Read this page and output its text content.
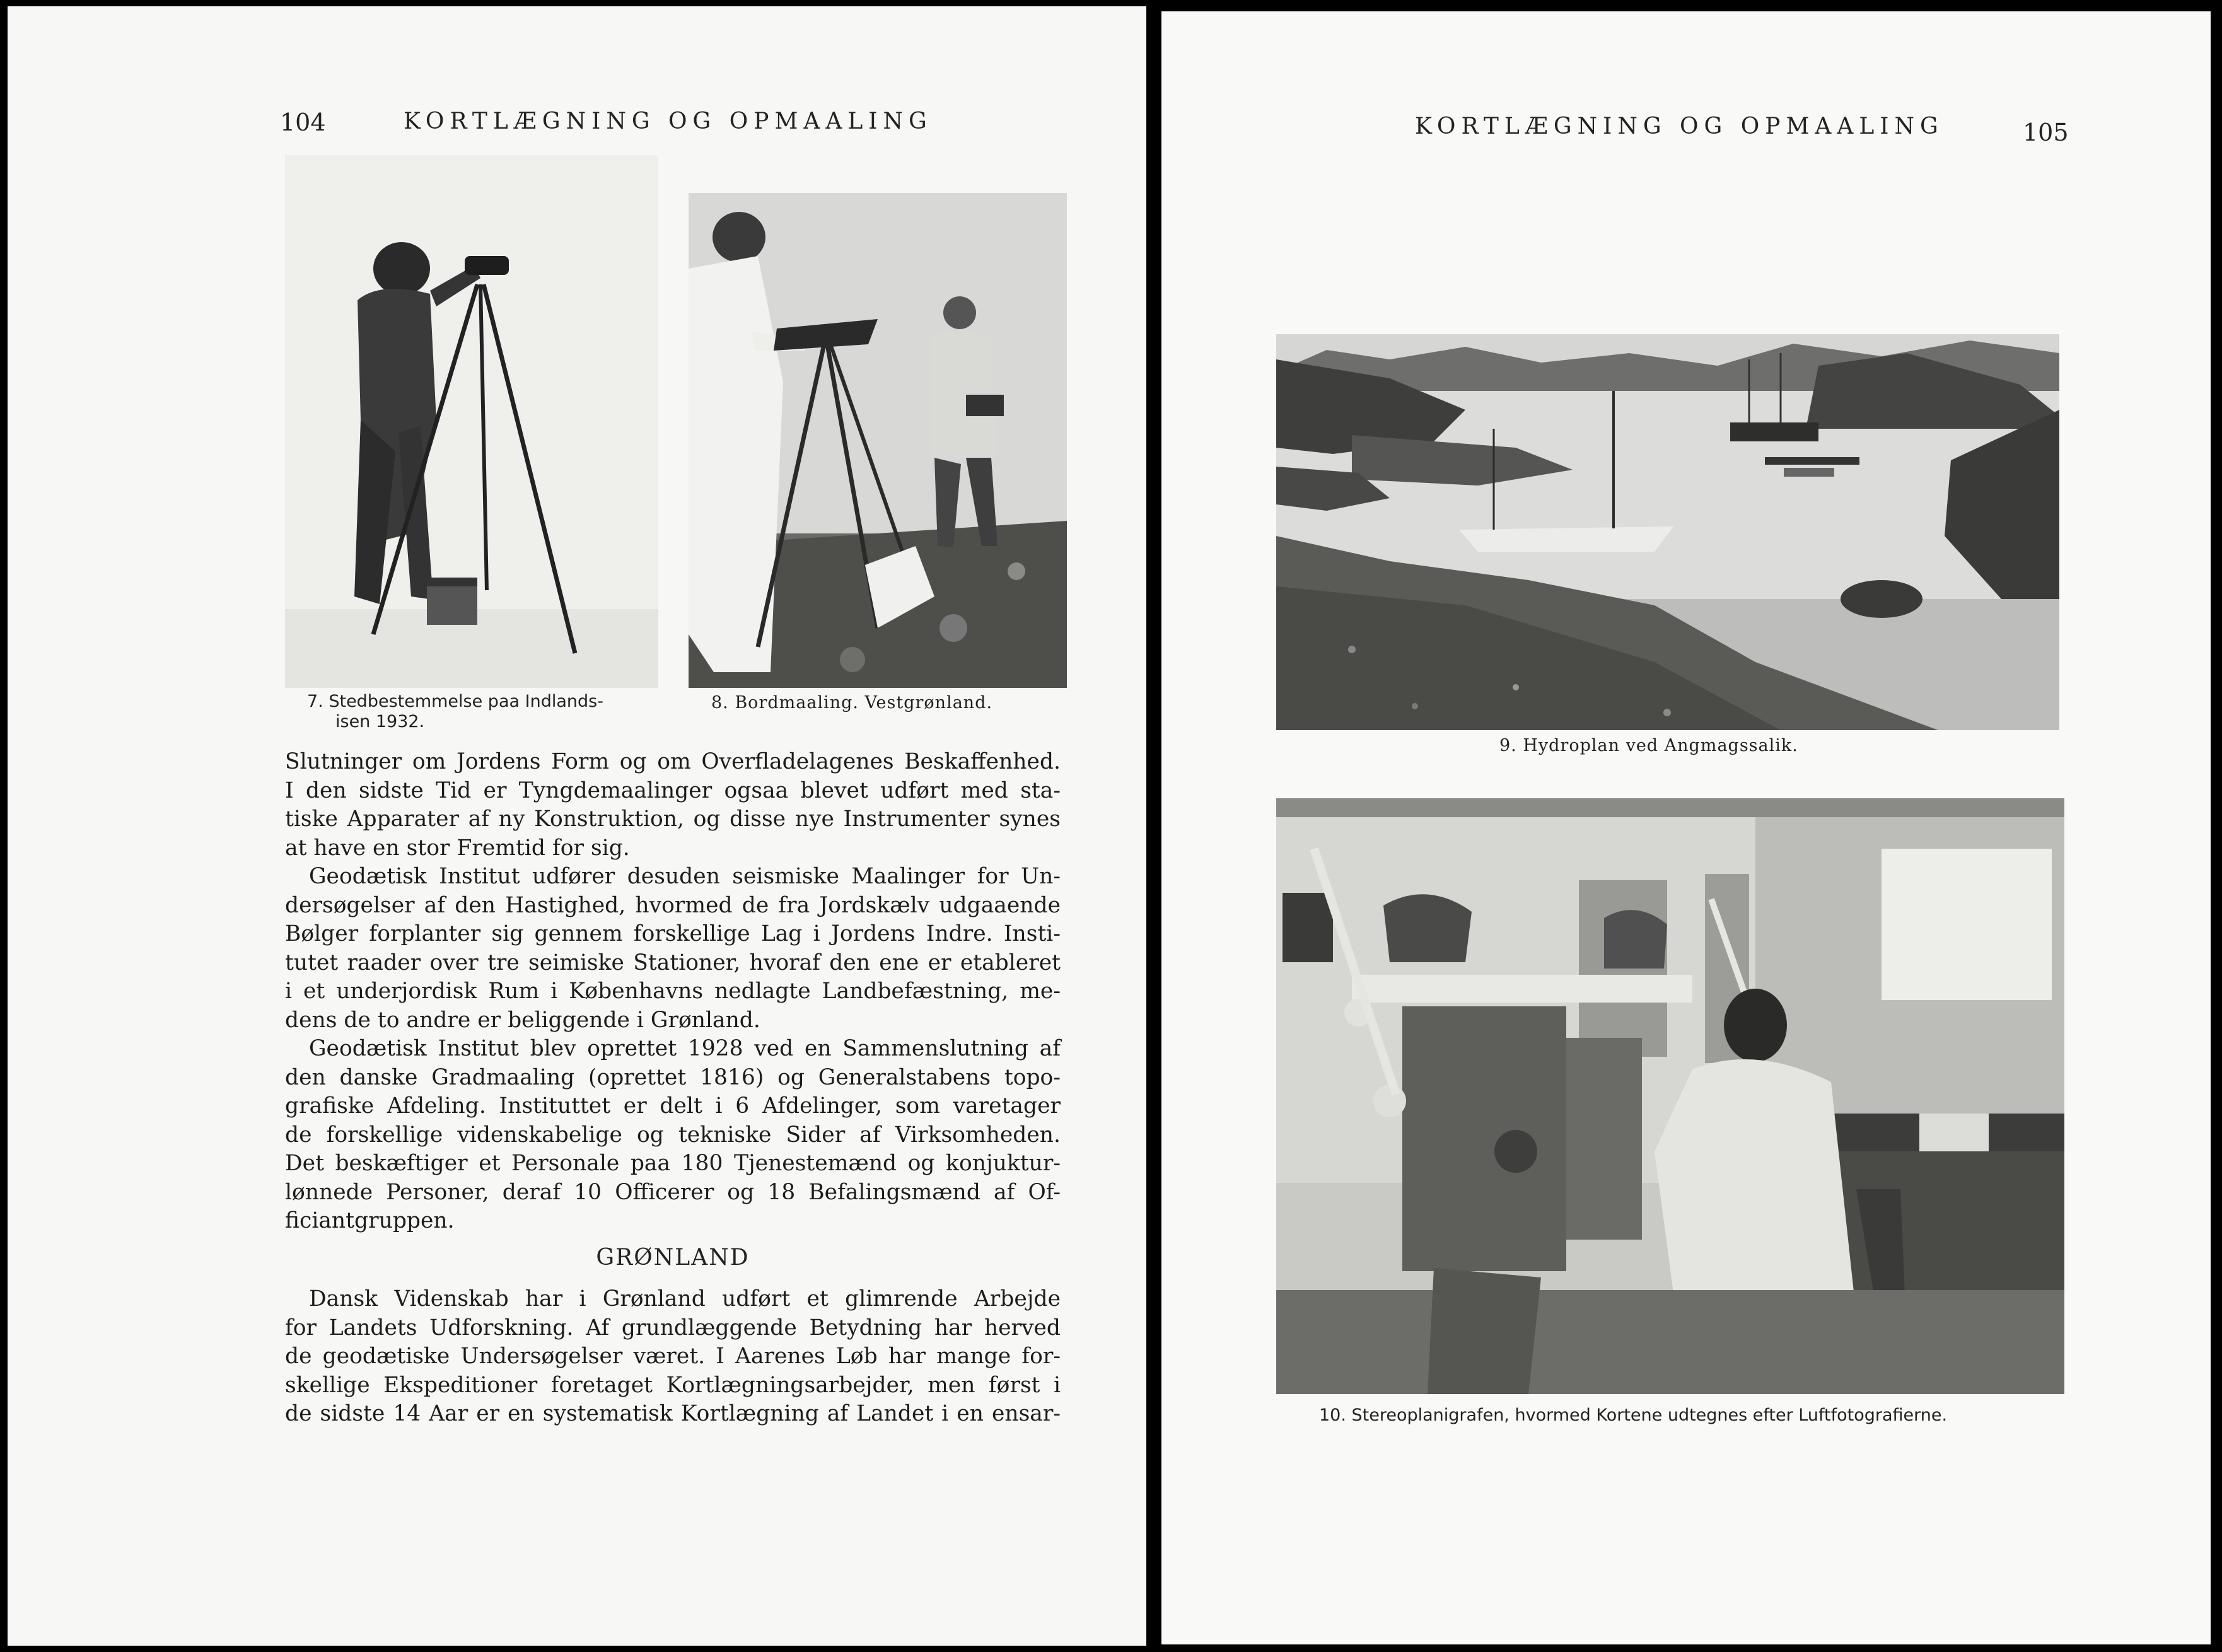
104	KORTLÆGNING OG OPMAALING
7. Stedbestemmelse paa Indlands-
isen 1932.
8. Bordmaaling. Vestgrønland.
Slutninger om Jordens Form og om Overfladelagenes Beskaffenhed.
I den sidste Tid er Tyngdemaalinger ogsaa blevet udført med sta-
tiske Apparater af ny Konstruktion, og disse nye Instrumenter synes
at have en stor Fremtid for sig.
Geodætisk Institut udfører desuden seismiske Maalinger for Un-
dersøgelser af den Hastighed, hvormed de fra Jordskælv udgaaende
Bølger forplanter sig gennem forskellige Lag i Jordens Indre. Insti-
tutet raader over tre seimiske Stationer, hvoraf den ene er etableret
i et underjordisk Rum i Københavns nedlagte Landbefæstning, me-
dens de to andre er beliggende i Grønland.
Geodætisk Institut blev oprettet 1928 ved en Sammenslutning af
den danske Gradmaaling (oprettet 1816) og Generalstabens topo-
grafiske Afdeling. Instituttet er delt i 6 Afdelinger, som varetager
de forskellige videnskabelige og tekniske Sider af Virksomheden.
Det beskæftiger et Personale paa 180 Tjenestemænd og konjuktur-
lønnede Personer, deraf 10 Officerer og 18 Befalingsmænd af Of-
ficiantgruppen.
GRØNLAND
Dansk Videnskab har i Grønland udført et glimrende Arbejde
for Landets Udforskning. Af grundlæggende Betydning har herved
de geodætiske Undersøgelser været. I Aarenes Løb har mange for-
skellige Ekspeditioner foretaget Kortlægningsarbejder, men først i
de sidste 14 Aar er en systematisk Kortlægning af Landet i en ensar-
KORTLÆGNING OG OPMAALING	105
9. Hydroplan ved Angmagssalik.
10. Stereoplanigrafen, hvormed Kortene udtegnes efter Luftfotografierne.
